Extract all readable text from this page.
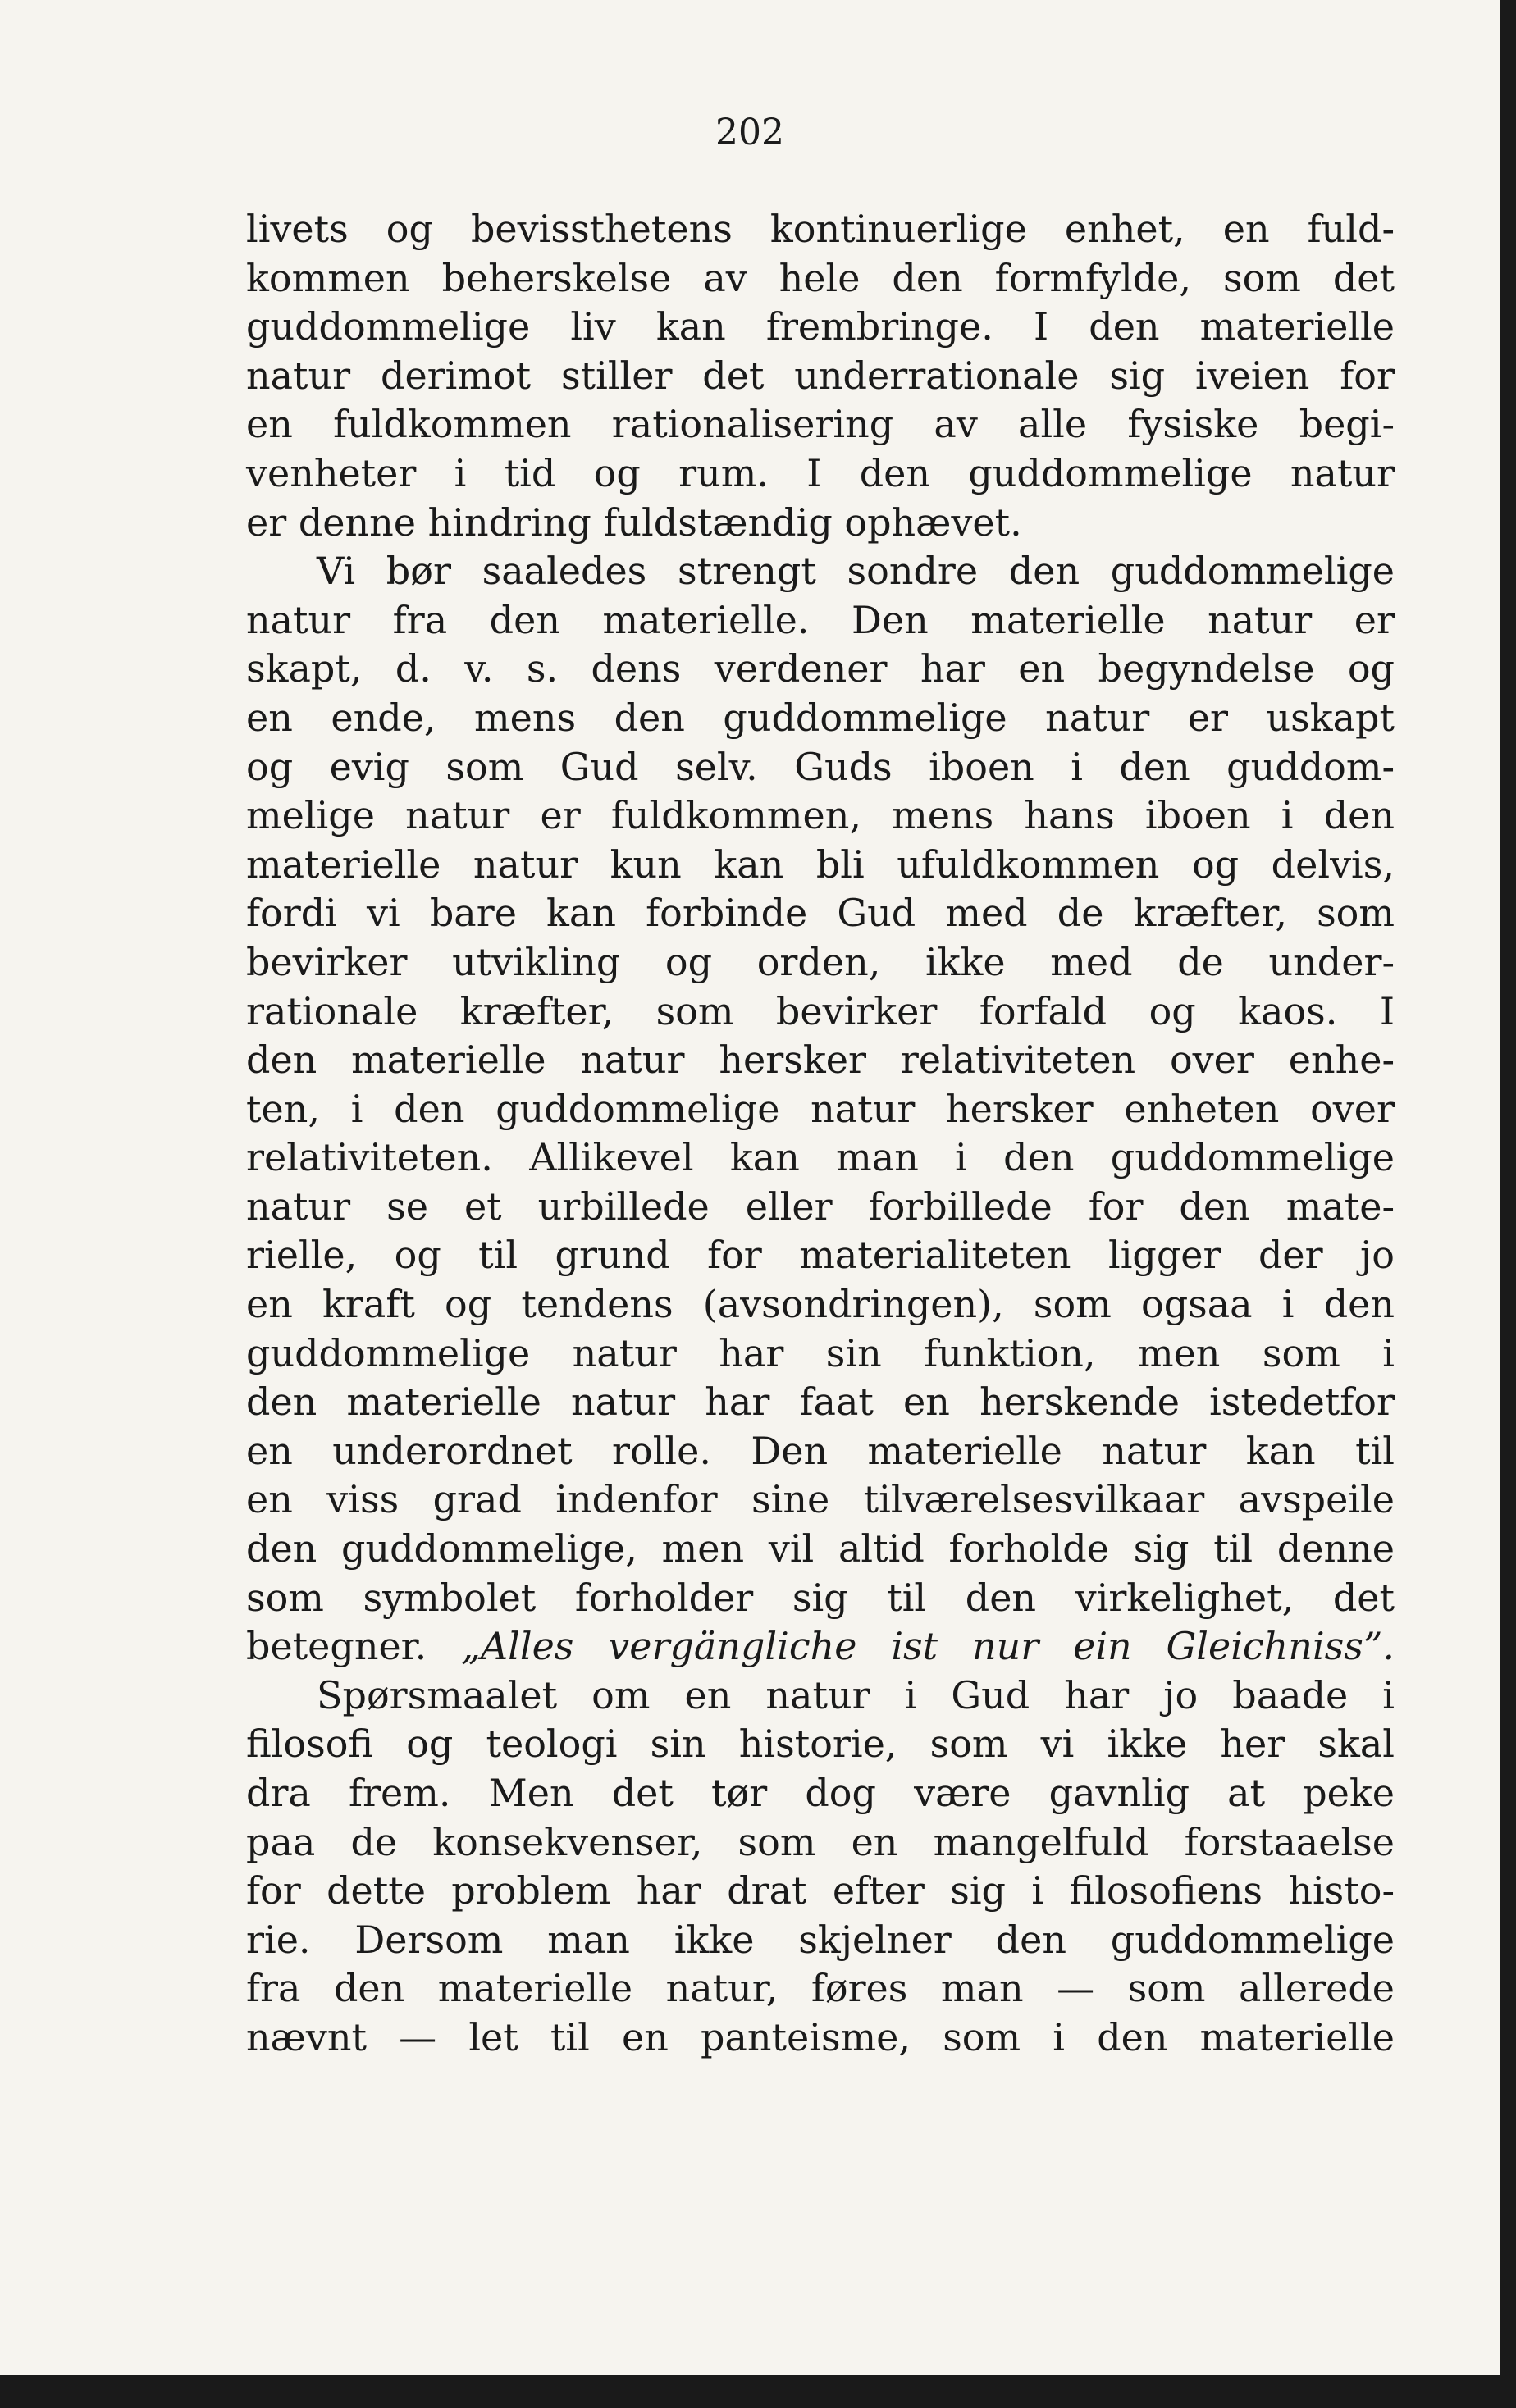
202
livets og bevissthetens kontinuerlige enhet, en fuld-
kommen beherskelse av hele den formfylde, som det
guddommelige liv kan frembringe. I den materielle
natur derimot stiller det underrationale sig iveien for
en fuldkommen rationalisering av alle fysiske begi-
venheter i tid og rum. I den guddommelige natur
er denne hindring fuldstændig ophævet.
Vi bør saaledes strengt sondre den guddommelige
natur fra den materielle. Den materielle natur er
skapt, d. v. s. dens verdener har en begyndelse og
en ende, mens den guddommelige natur er uskapt
og evig som Gud selv. Guds iboen i den guddom-
melige natur er fuldkommen, mens hans iboen i den
materielle natur kun kan bli ufuldkommen og delvis,
fordi vi bare kan forbinde Gud med de kræfter, som
bevirker utvikling og orden, ikke med de under-
rationale kræfter, som bevirker forfald og kaos. I
den materielle natur hersker relativiteten over enhe-
ten, i den guddommelige natur hersker enheten over
relativiteten. Allikevel kan man i den guddommelige
natur se et urbillede eller forbillede for den mate-
rielle, og til grund for materialiteten ligger der jo
en kraft og tendens (avsondringen), som ogsaa i den
guddommelige natur har sin funktion, men som i
den materielle natur har faat en herskende istedetfor
en underordnet rolle. Den materielle natur kan til
en viss grad indenfor sine tilværelsesvilkaar avspeile
den guddommelige, men vil altid forholde sig til denne
som symbolet forholder sig til den virkelighet, det
betegner. „Alles vergängliche ist nur ein Gleichniss”.
Spørsmaalet om en natur i Gud har jo baade i
filosofi og teologi sin historie, som vi ikke her skal
dra frem. Men det tør dog være gavnlig at peke
paa de konsekvenser, som en mangelfuld forstaaelse
for dette problem har drat efter sig i filosofiens histo-
rie. Dersom man ikke skjelner den guddommelige
fra den materielle natur, føres man — som allerede
nævnt — let til en panteisme, som i den materielle
